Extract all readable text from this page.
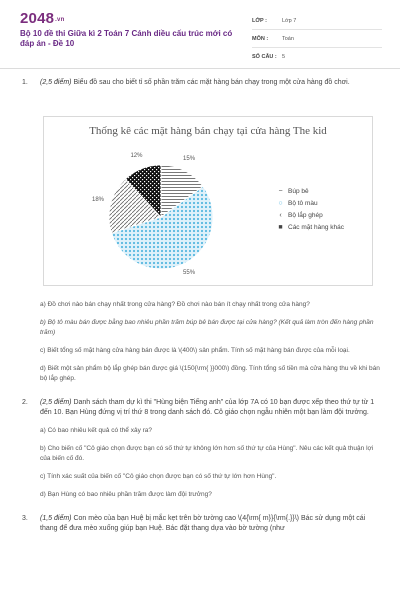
$2048^{.vn}$
Bộ 10 đề thi Giữa kì 2 Toán 7 Cánh diều cấu trúc mới có đáp án - Đề 10
LỚP :	Lớp 7
MÔN :	Toán
SỐ CÂU : 5
1. (2,5 điểm) Biểu đồ sau cho biết tỉ số phần trăm các mặt hàng bán chạy trong một cửa hàng đồ chơi.
a) Đồ chơi nào bán chạy nhất trong cửa hàng? Đồ chơi nào bán ít chạy nhất trong cửa hàng?
b) Bộ tô màu bán được bằng bao nhiêu phần trăm búp bê bán được tại cửa hàng? (Kết quả làm tròn đến hàng phần trăm)
c) Biết tổng số mặt hàng cửa hàng bán được là \(400\) sản phẩm. Tính số mặt hàng bán được của mỗi loại.
d) Biết một sản phẩm bộ lắp ghép bán được giá \(150{\rm{ }}000\) đồng. Tính tổng số tiền mà cửa hàng thu về khi bán bộ lắp ghép.
2. (2,5 điểm) Danh sách tham dự kì thi "Hùng biện Tiếng anh" của lớp 7A có 10 bạn được xếp theo thứ tự từ 1 đến 10. Bạn Hùng đứng vị trí thứ 8 trong danh sách đó. Cô giáo chọn ngẫu nhiên một bạn làm đội trưởng.
a) Có bao nhiêu kết quả có thể xảy ra?
b) Cho biến cố "Cô giáo chọn được bạn có số thứ tự không lớn hơn số thứ tự của Hùng". Nêu các kết quả thuận lợi của biến cố đó.
c) Tính xác suất của biến cố "Cô giáo chọn được bạn có số thứ tự lớn hơn Hùng".
d) Bạn Hùng có bao nhiêu phần trăm được làm đội trưởng?
3. (1,5 điểm) Con mèo của bạn Huệ bị mắc kẹt trên bờ tường cao \(4{\rm{ m}}{\rm{.}}\) Bác sử dụng một cái thang để đưa mèo xuống giúp bạn Huệ. Bác đặt thang dựa vào bờ tường (như
Thống kê các mặt hàng bán chạy tại cửa hàng The kid
15%
55%
18%
12%
− Búp bê
○ Bộ tô màu
‹ Bộ lắp ghép
■ Các mặt hàng khác
